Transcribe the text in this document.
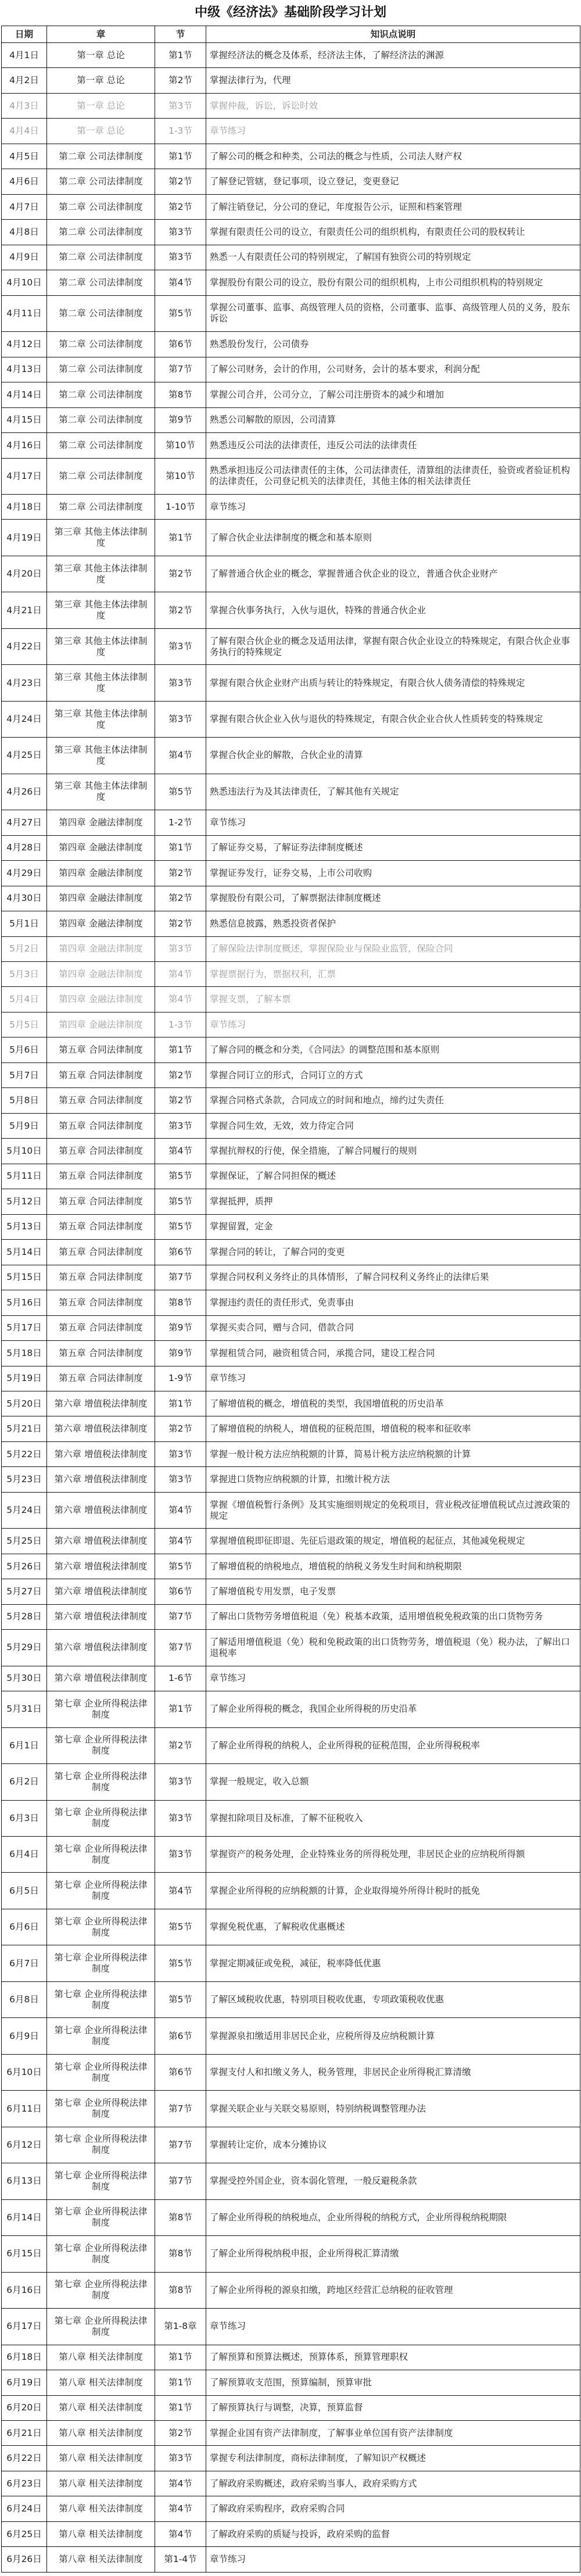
中级《经济法》基础阶段学习计划
日期	章	节	知识点说明
4月1日	第一章 总论	第1节	掌握经济法的概念及体系，经济法主体，了解经济法的渊源
4月2日	第一章 总论	第2节	掌握法律行为，代理
4月3日	第一章 总论	第3节	掌握仲裁，诉讼，诉讼时效
4月4日	第一章 总论	1-3节	章节练习
4月5日	第二章 公司法律制度	第1节	了解公司的概念和种类，公司法的概念与性质，公司法人财产权
4月6日	第二章 公司法律制度	第2节	了解登记管辖，登记事项，设立登记，变更登记
4月7日	第二章 公司法律制度	第2节	了解注销登记，分公司的登记，年度报告公示，证照和档案管理
4月8日	第二章 公司法律制度	第3节	掌握有限责任公司的设立，有限责任公司的组织机构，有限责任公司的股权转让
4月9日	第二章 公司法律制度	第3节	熟悉一人有限责任公司的特别规定，了解国有独资公司的特别规定
4月10日	第二章 公司法律制度	第4节	掌握股份有限公司的设立，股份有限公司的组织机构，上市公司组织机构的特别规定
4月11日	第二章 公司法律制度	第5节	掌握公司董事、监事、高级管理人员的资格，公司董事、监事、高级管理人员的义务，股东诉讼
4月12日	第二章 公司法律制度	第6节	熟悉股份发行，公司债券
4月13日	第二章 公司法律制度	第7节	了解公司财务，会计的作用，公司财务，会计的基本要求，利润分配
4月14日	第二章 公司法律制度	第8节	掌握公司合并，公司分立，了解公司注册资本的减少和增加
4月15日	第二章 公司法律制度	第9节	熟悉公司解散的原因，公司清算
4月16日	第二章 公司法律制度	第10节	熟悉违反公司法的法律责任，违反公司法的法律责任
4月17日	第二章 公司法律制度	第10节	熟悉承担违反公司法律责任的主体，公司法律责任，清算组的法律责任，验资或者验证机构的法律责任，公司登记机关的法律责任，其他主体的相关法律责任
4月18日	第二章 公司法律制度	1-10节	章节练习
4月19日	第三章 其他主体法律制度	第1节	了解合伙企业法律制度的概念和基本原则
4月20日	第三章 其他主体法律制度	第2节	了解普通合伙企业的概念，掌握普通合伙企业的设立，普通合伙企业财产
4月21日	第三章 其他主体法律制度	第2节	掌握合伙事务执行，入伙与退伙，特殊的普通合伙企业
4月22日	第三章 其他主体法律制度	第3节	了解有限合伙企业的概念及适用法律，掌握有限合伙企业设立的特殊规定，有限合伙企业事务执行的特殊规定
4月23日	第三章 其他主体法律制度	第3节	掌握有限合伙企业财产出质与转让的特殊规定，有限合伙人债务清偿的特殊规定
4月24日	第三章 其他主体法律制度	第3节	掌握有限合伙企业入伙与退伙的特殊规定，有限合伙企业合伙人性质转变的特殊规定
4月25日	第三章 其他主体法律制度	第4节	掌握合伙企业的解散，合伙企业的清算
4月26日	第三章 其他主体法律制度	第5节	熟悉违法行为及其法律责任，了解其他有关规定
4月27日	第四章 金融法律制度	1-2节	章节练习
4月28日	第四章 金融法律制度	第1节	了解证券交易，了解证券法律制度概述
4月29日	第四章 金融法律制度	第2节	掌握证券发行，证券交易，上市公司收购
4月30日	第四章 金融法律制度	第2节	掌握股份有限公司，了解票据法律制度概述
5月1日	第四章 金融法律制度	第2节	熟悉信息披露，熟悉投资者保护
5月2日	第四章 金融法律制度	第3节	了解保险法律制度概述，掌握保险业与保险业监管，保险合同
5月3日	第四章 金融法律制度	第4节	掌握票据行为，票据权利，汇票
5月4日	第四章 金融法律制度	第4节	掌握支票，了解本票
5月5日	第四章 金融法律制度	1-3节	章节练习
5月6日	第五章 合同法律制度	第1节	了解合同的概念和分类，《合同法》的调整范围和基本原则
5月7日	第五章 合同法律制度	第2节	掌握合同订立的形式，合同订立的方式
5月8日	第五章 合同法律制度	第2节	掌握合同格式条款，合同成立的时间和地点，缔约过失责任
5月9日	第五章 合同法律制度	第3节	掌握合同生效，无效，效力待定合同
5月10日	第五章 合同法律制度	第4节	掌握抗辩权的行使，保全措施，了解合同履行的规则
5月11日	第五章 合同法律制度	第5节	掌握保证，了解合同担保的概述
5月12日	第五章 合同法律制度	第5节	掌握抵押，质押
5月13日	第五章 合同法律制度	第5节	掌握留置，定金
5月14日	第五章 合同法律制度	第6节	掌握合同的转让，了解合同的变更
5月15日	第五章 合同法律制度	第7节	掌握合同权利义务终止的具体情形，了解合同权利义务终止的法律后果
5月16日	第五章 合同法律制度	第8节	掌握违约责任的责任形式，免责事由
5月17日	第五章 合同法律制度	第9节	掌握买卖合同，赠与合同，借款合同
5月18日	第五章 合同法律制度	第9节	掌握租赁合同，融资租赁合同，承揽合同，建设工程合同
5月19日	第五章 合同法律制度	1-9节	章节练习
5月20日	第六章 增值税法律制度	第1节	了解增值税的概念，增值税的类型，我国增值税的历史沿革
5月21日	第六章 增值税法律制度	第2节	了解增值税的纳税人，增值税的征税范围，增值税的税率和征收率
5月22日	第六章 增值税法律制度	第3节	掌握一般计税方法应纳税额的计算，简易计税方法应纳税额的计算
5月23日	第六章 增值税法律制度	第3节	掌握进口货物应纳税额的计算，扣缴计税方法
5月24日	第六章 增值税法律制度	第4节	掌握《增值税暂行条例》及其实施细则规定的免税项目，营业税改征增值税试点过渡政策的规定
5月25日	第六章 增值税法律制度	第4节	掌握增值税即征即退、先征后退政策的规定，增值税的起征点，其他减免税规定
5月26日	第六章 增值税法律制度	第5节	了解增值税的纳税地点，增值税的纳税义务发生时间和纳税期限
5月27日	第六章 增值税法律制度	第6节	了解增值税专用发票，电子发票
5月28日	第六章 增值税法律制度	第7节	了解出口货物劳务增值税退（免）税基本政策，适用增值税免税政策的出口货物劳务
5月29日	第六章 增值税法律制度	第7节	了解适用增值税退（免）税和免税政策的出口货物劳务，增值税退（免）税办法，了解出口退税率
5月30日	第六章 增值税法律制度	1-6节	章节练习
5月31日	第七章 企业所得税法律制度	第1节	了解企业所得税的概念，我国企业所得税的历史沿革
6月1日	第七章 企业所得税法律制度	第2节	了解企业所得税的纳税人，企业所得税的征税范围，企业所得税税率
6月2日	第七章 企业所得税法律制度	第3节	掌握一般规定，收入总额
6月3日	第七章 企业所得税法律制度	第3节	掌握扣除项目及标准，了解不征税收入
6月4日	第七章 企业所得税法律制度	第3节	掌握资产的税务处理，企业特殊业务的所得税处理，非居民企业的应纳税所得额
6月5日	第七章 企业所得税法律制度	第4节	掌握企业所得税的应纳税额的计算，企业取得境外所得计税时的抵免
6月6日	第七章 企业所得税法律制度	第5节	掌握免税优惠，了解税收优惠概述
6月7日	第七章 企业所得税法律制度	第5节	掌握定期减征或免税，减征，税率降低优惠
6月8日	第七章 企业所得税法律制度	第5节	了解区域税收优惠，特别项目税收优惠，专项政策税收优惠
6月9日	第七章 企业所得税法律制度	第6节	掌握源泉扣缴适用非居民企业，应税所得及应纳税额计算
6月10日	第七章 企业所得税法律制度	第6节	掌握支付人和扣缴义务人，税务管理，非居民企业所得税汇算清缴
6月11日	第七章 企业所得税法律制度	第7节	掌握关联企业与关联交易原则，特别纳税调整管理办法
6月12日	第七章 企业所得税法律制度	第7节	掌握转让定价，成本分摊协议
6月13日	第七章 企业所得税法律制度	第7节	掌握受控外国企业，资本弱化管理，一般反避税条款
6月14日	第七章 企业所得税法律制度	第8节	了解企业所得税的纳税地点，企业所得税的纳税方式，企业所得税纳税期限
6月15日	第七章 企业所得税法律制度	第8节	了解企业所得税纳税申报，企业所得税汇算清缴
6月16日	第七章 企业所得税法律制度	第8节	了解企业所得税的源泉扣缴，跨地区经营汇总纳税的征收管理
6月17日	第七章 企业所得税法律制度	第1-8章	章节练习
6月18日	第八章 相关法律制度	第1节	了解预算和预算法概述，预算体系，预算管理职权
6月19日	第八章 相关法律制度	第1节	了解预算收支范围，预算编制，预算审批
6月20日	第八章 相关法律制度	第1节	了解预算执行与调整，决算，预算监督
6月21日	第八章 相关法律制度	第2节	掌握企业国有资产法律制度，了解事业单位国有资产法律制度
6月22日	第八章 相关法律制度	第3节	掌握专利法律制度，商标法律制度，了解知识产权概述
6月23日	第八章 相关法律制度	第4节	了解政府采购概述，政府采购当事人，政府采购方式
6月24日	第八章 相关法律制度	第4节	了解政府采购程序，政府采购合同
6月25日	第八章 相关法律制度	第4节	了解政府采购的质疑与投诉，政府采购的监督
6月26日	第八章 相关法律制度	第1-4节	章节练习
